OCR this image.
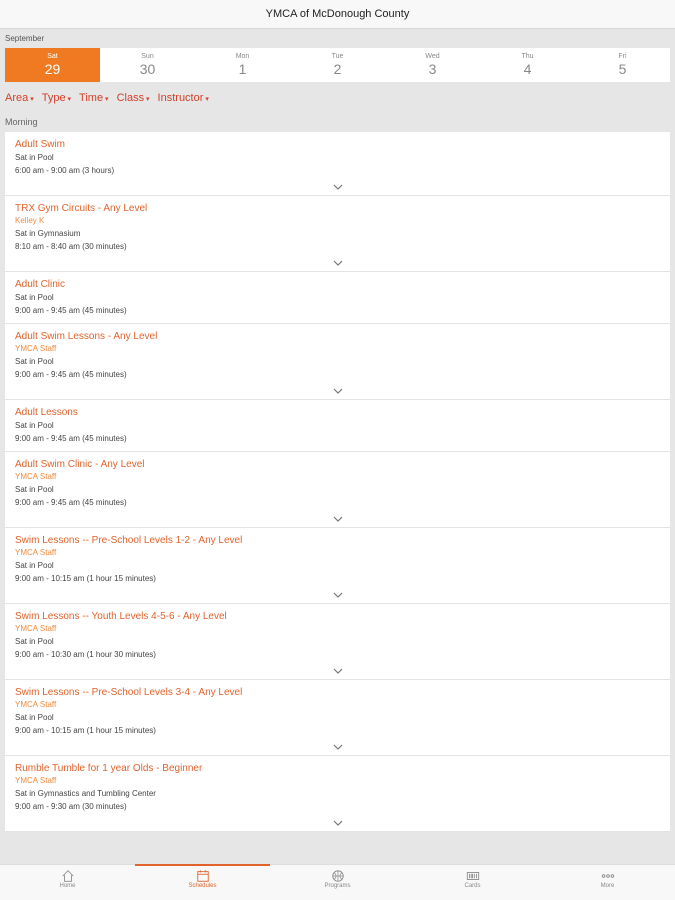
YMCA of McDonough County
September
Sat
29
Sun
30
Mon
1
Tue
2
Wed
3
Thu
4
Fri
5
Area ▾	Type ▾	Time ▾	Class ▾	Instructor ▾
Morning
Adult Swim
Sat in Pool
6:00 am - 9:00 am (3 hours)
TRX Gym Circuits - Any Level
Kelley K
Sat in Gymnasium
8:10 am - 8:40 am (30 minutes)
Adult Clinic
Sat in Pool
9:00 am - 9:45 am (45 minutes)
Adult Swim Lessons - Any Level
YMCA Staff
Sat in Pool
9:00 am - 9:45 am (45 minutes)
Adult Lessons
Sat in Pool
9:00 am - 9:45 am (45 minutes)
Adult Swim Clinic - Any Level
YMCA Staff
Sat in Pool
9:00 am - 9:45 am (45 minutes)
Swim Lessons -- Pre-School Levels 1-2 - Any Level
YMCA Staff
Sat in Pool
9:00 am - 10:15 am (1 hour 15 minutes)
Swim Lessons -- Youth Levels 4-5-6 - Any Level
YMCA Staff
Sat in Pool
9:00 am - 10:30 am (1 hour 30 minutes)
Swim Lessons -- Pre-School Levels 3-4 - Any Level
YMCA Staff
Sat in Pool
9:00 am - 10:15 am (1 hour 15 minutes)
Rumble Tumble for 1 year Olds - Beginner
YMCA Staff
Sat in Gymnastics and Tumbling Center
9:00 am - 9:30 am (30 minutes)
Home	Schedules	Programs	Cards	More
